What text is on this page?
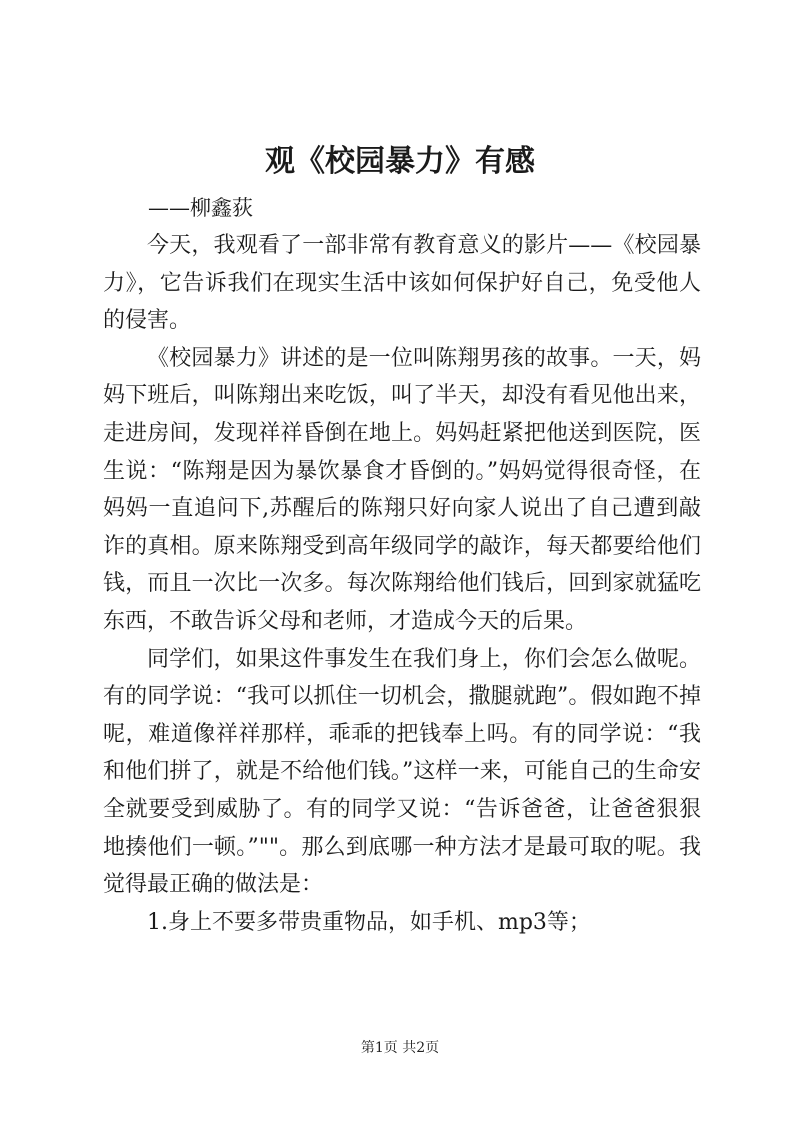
观《校园暴力》有感

——柳鑫荻

今天，我观看了一部非常有教育意义的影片——《校园暴力》，它告诉我们在现实生活中该如何保护好自己，免受他人的侵害。

《校园暴力》讲述的是一位叫陈翔男孩的故事。一天，妈妈下班后，叫陈翔出来吃饭，叫了半天，却没有看见他出来，走进房间，发现祥祥昏倒在地上。妈妈赶紧把他送到医院，医生说：“陈翔是因为暴饮暴食才昏倒的。”妈妈觉得很奇怪，在妈妈一直追问下,苏醒后的陈翔只好向家人说出了自己遭到敲诈的真相。原来陈翔受到高年级同学的敲诈，每天都要给他们钱，而且一次比一次多。每次陈翔给他们钱后，回到家就猛吃东西，不敢告诉父母和老师，才造成今天的后果。

同学们，如果这件事发生在我们身上，你们会怎么做呢。有的同学说：“我可以抓住一切机会，撒腿就跑”。假如跑不掉呢，难道像祥祥那样，乖乖的把钱奉上吗。有的同学说：“我和他们拼了，就是不给他们钱。”这样一来，可能自己的生命安全就要受到威胁了。有的同学又说：“告诉爸爸，让爸爸狠狠地揍他们一顿。”""。那么到底哪一种方法才是最可取的呢。我觉得最正确的做法是：

1.身上不要多带贵重物品，如手机、mp3等；

第1页 共2页
